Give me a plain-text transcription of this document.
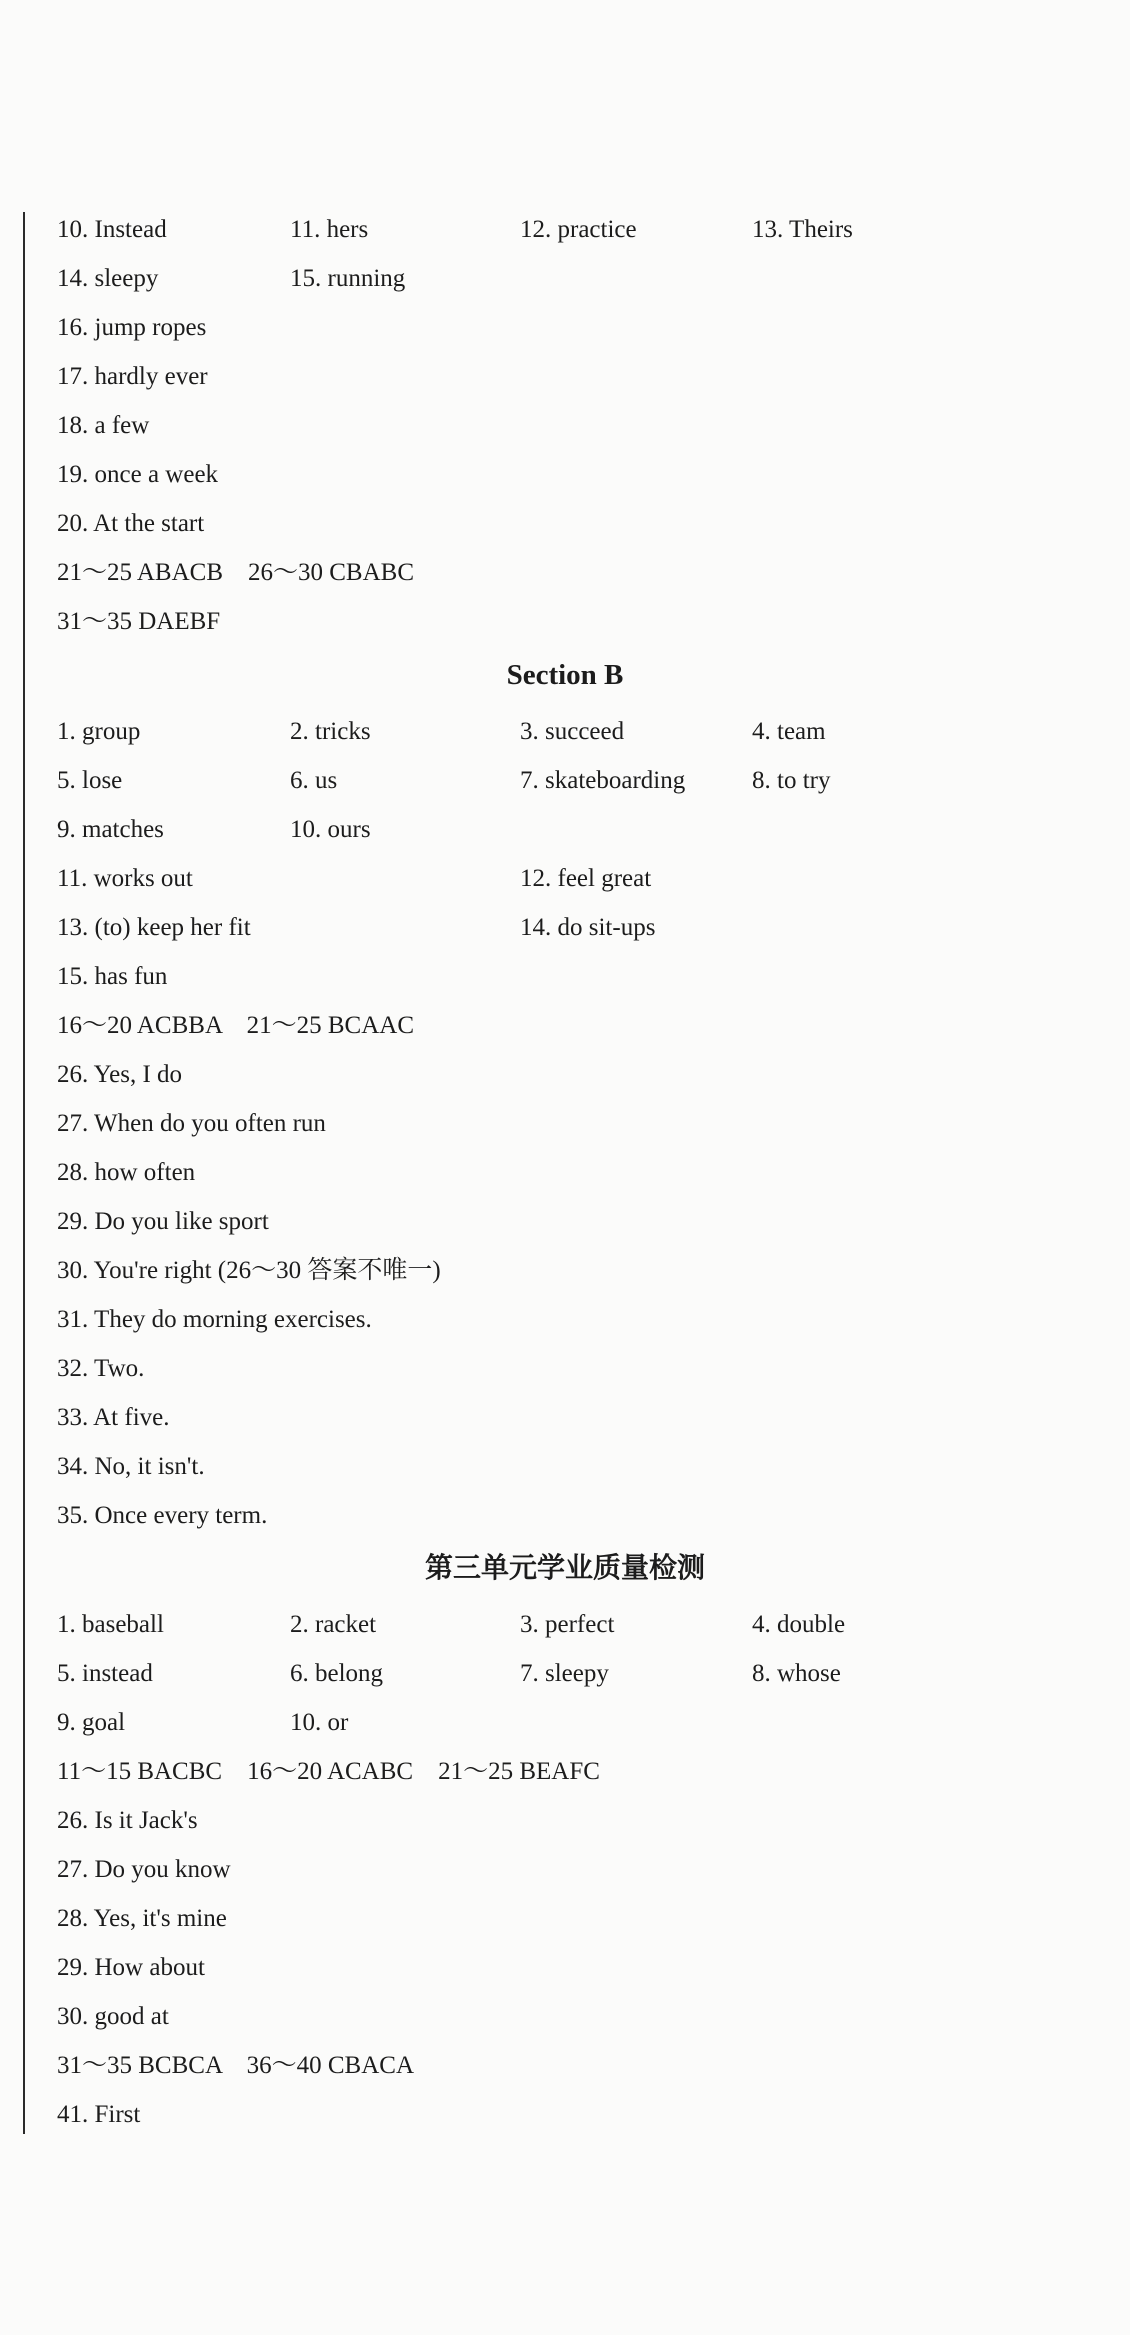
10. Instead	11. hers	12. practice	13. Theirs
14. sleepy	15. running
16. jump ropes
17. hardly ever
18. a few
19. once a week
20. At the start
21～25 ABACB　26～30 CBABC
31～35 DAEBF
Section B
1. group	2. tricks	3. succeed	4. team
5. lose	6. us	7. skateboarding	8. to try
9. matches	10. ours
11. works out	12. feel great
13. (to) keep her fit	14. do sit-ups
15. has fun
16～20 ACBBA　21～25 BCAAC
26. Yes, I do
27. When do you often run
28. how often
29. Do you like sport
30. You're right (26～30 答案不唯一)
31. They do morning exercises.
32. Two.
33. At five.
34. No, it isn't.
35. Once every term.
第三单元学业质量检测
1. baseball	2. racket	3. perfect	4. double
5. instead	6. belong	7. sleepy	8. whose
9. goal	10. or
11～15 BACBC　16～20 ACABC　21～25 BEAFC
26. Is it Jack's
27. Do you know
28. Yes, it's mine
29. How about
30. good at
31～35 BCBCA　36～40 CBACA
41. First
